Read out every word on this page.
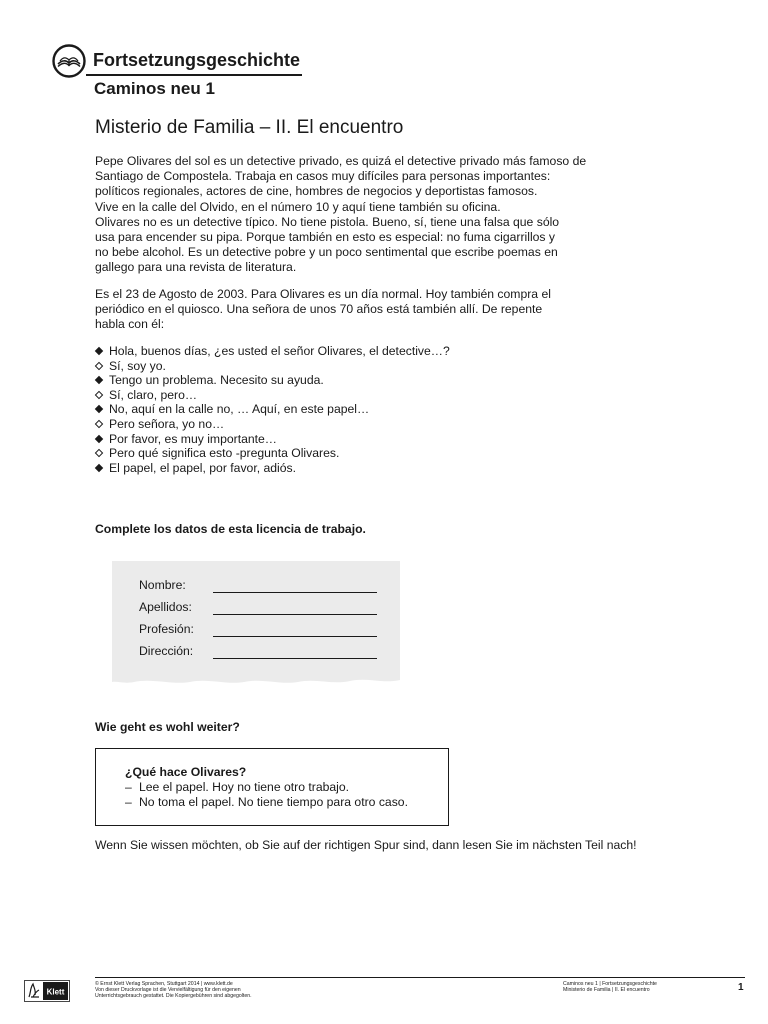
Fortsetzungsgeschichte
Caminos neu 1
Misterio de Familia – II. El encuentro

Pepe Olivares del sol es un detective privado, es quizá el detective privado más famoso de

Santiago de Compostela. Trabaja en casos muy difíciles para personas importantes:

políticos regionales, actores de cine, hombres de negocios y deportistas famosos.

Vive en la calle del Olvido, en el número 10 y aquí tiene también su oficina.

Olivares no es un detective típico. No tiene pistola. Bueno, sí, tiene una falsa que sólo

usa para encender su pipa. Porque también en esto es especial: no fuma cigarrillos y

no bebe alcohol. Es un detective pobre y un poco sentimental que escribe poemas en

gallego para una revista de literatura.

Es el 23 de Agosto de 2003. Para Olivares es un día normal. Hoy también compra el

periódico en el quiosco. Una señora de unos 70 años está también allí. De repente

habla con él:

Hola, buenos días, ¿es usted el señor Olivares, el detective…?
Sí, soy yo.
Tengo un problema. Necesito su ayuda.
Sí, claro, pero…
No, aquí en la calle no, … Aquí, en este papel…
Pero señora, yo no…
Por favor, es muy importante…
Pero qué significa esto -pregunta Olivares.
El papel, el papel, por favor, adiós.
Complete los datos de esta licencia de trabajo.
Nombre:
Apellidos:
Profesión:
Dirección:
Wie geht es wohl weiter?
¿Qué hace Olivares?
– Lee el papel. Hoy no tiene otro trabajo.
– No toma el papel. No tiene tiempo para otro caso.
Wenn Sie wissen möchten, ob Sie auf der richtigen Spur sind, dann lesen Sie im nächsten Teil nach!
Klett
© Ernst Klett Verlag Sprachen, Stuttgart 2014 | www.klett.de
Von dieser Druckvorlage ist die Vervielfältigung für den eigenen
Unterrichtsgebrauch gestattet. Die Kopiergebühren sind abgegolten.
Caminos neu 1 | Fortsetzungsgeschichte
Ministerio de Familia | II. El encuentro	1
